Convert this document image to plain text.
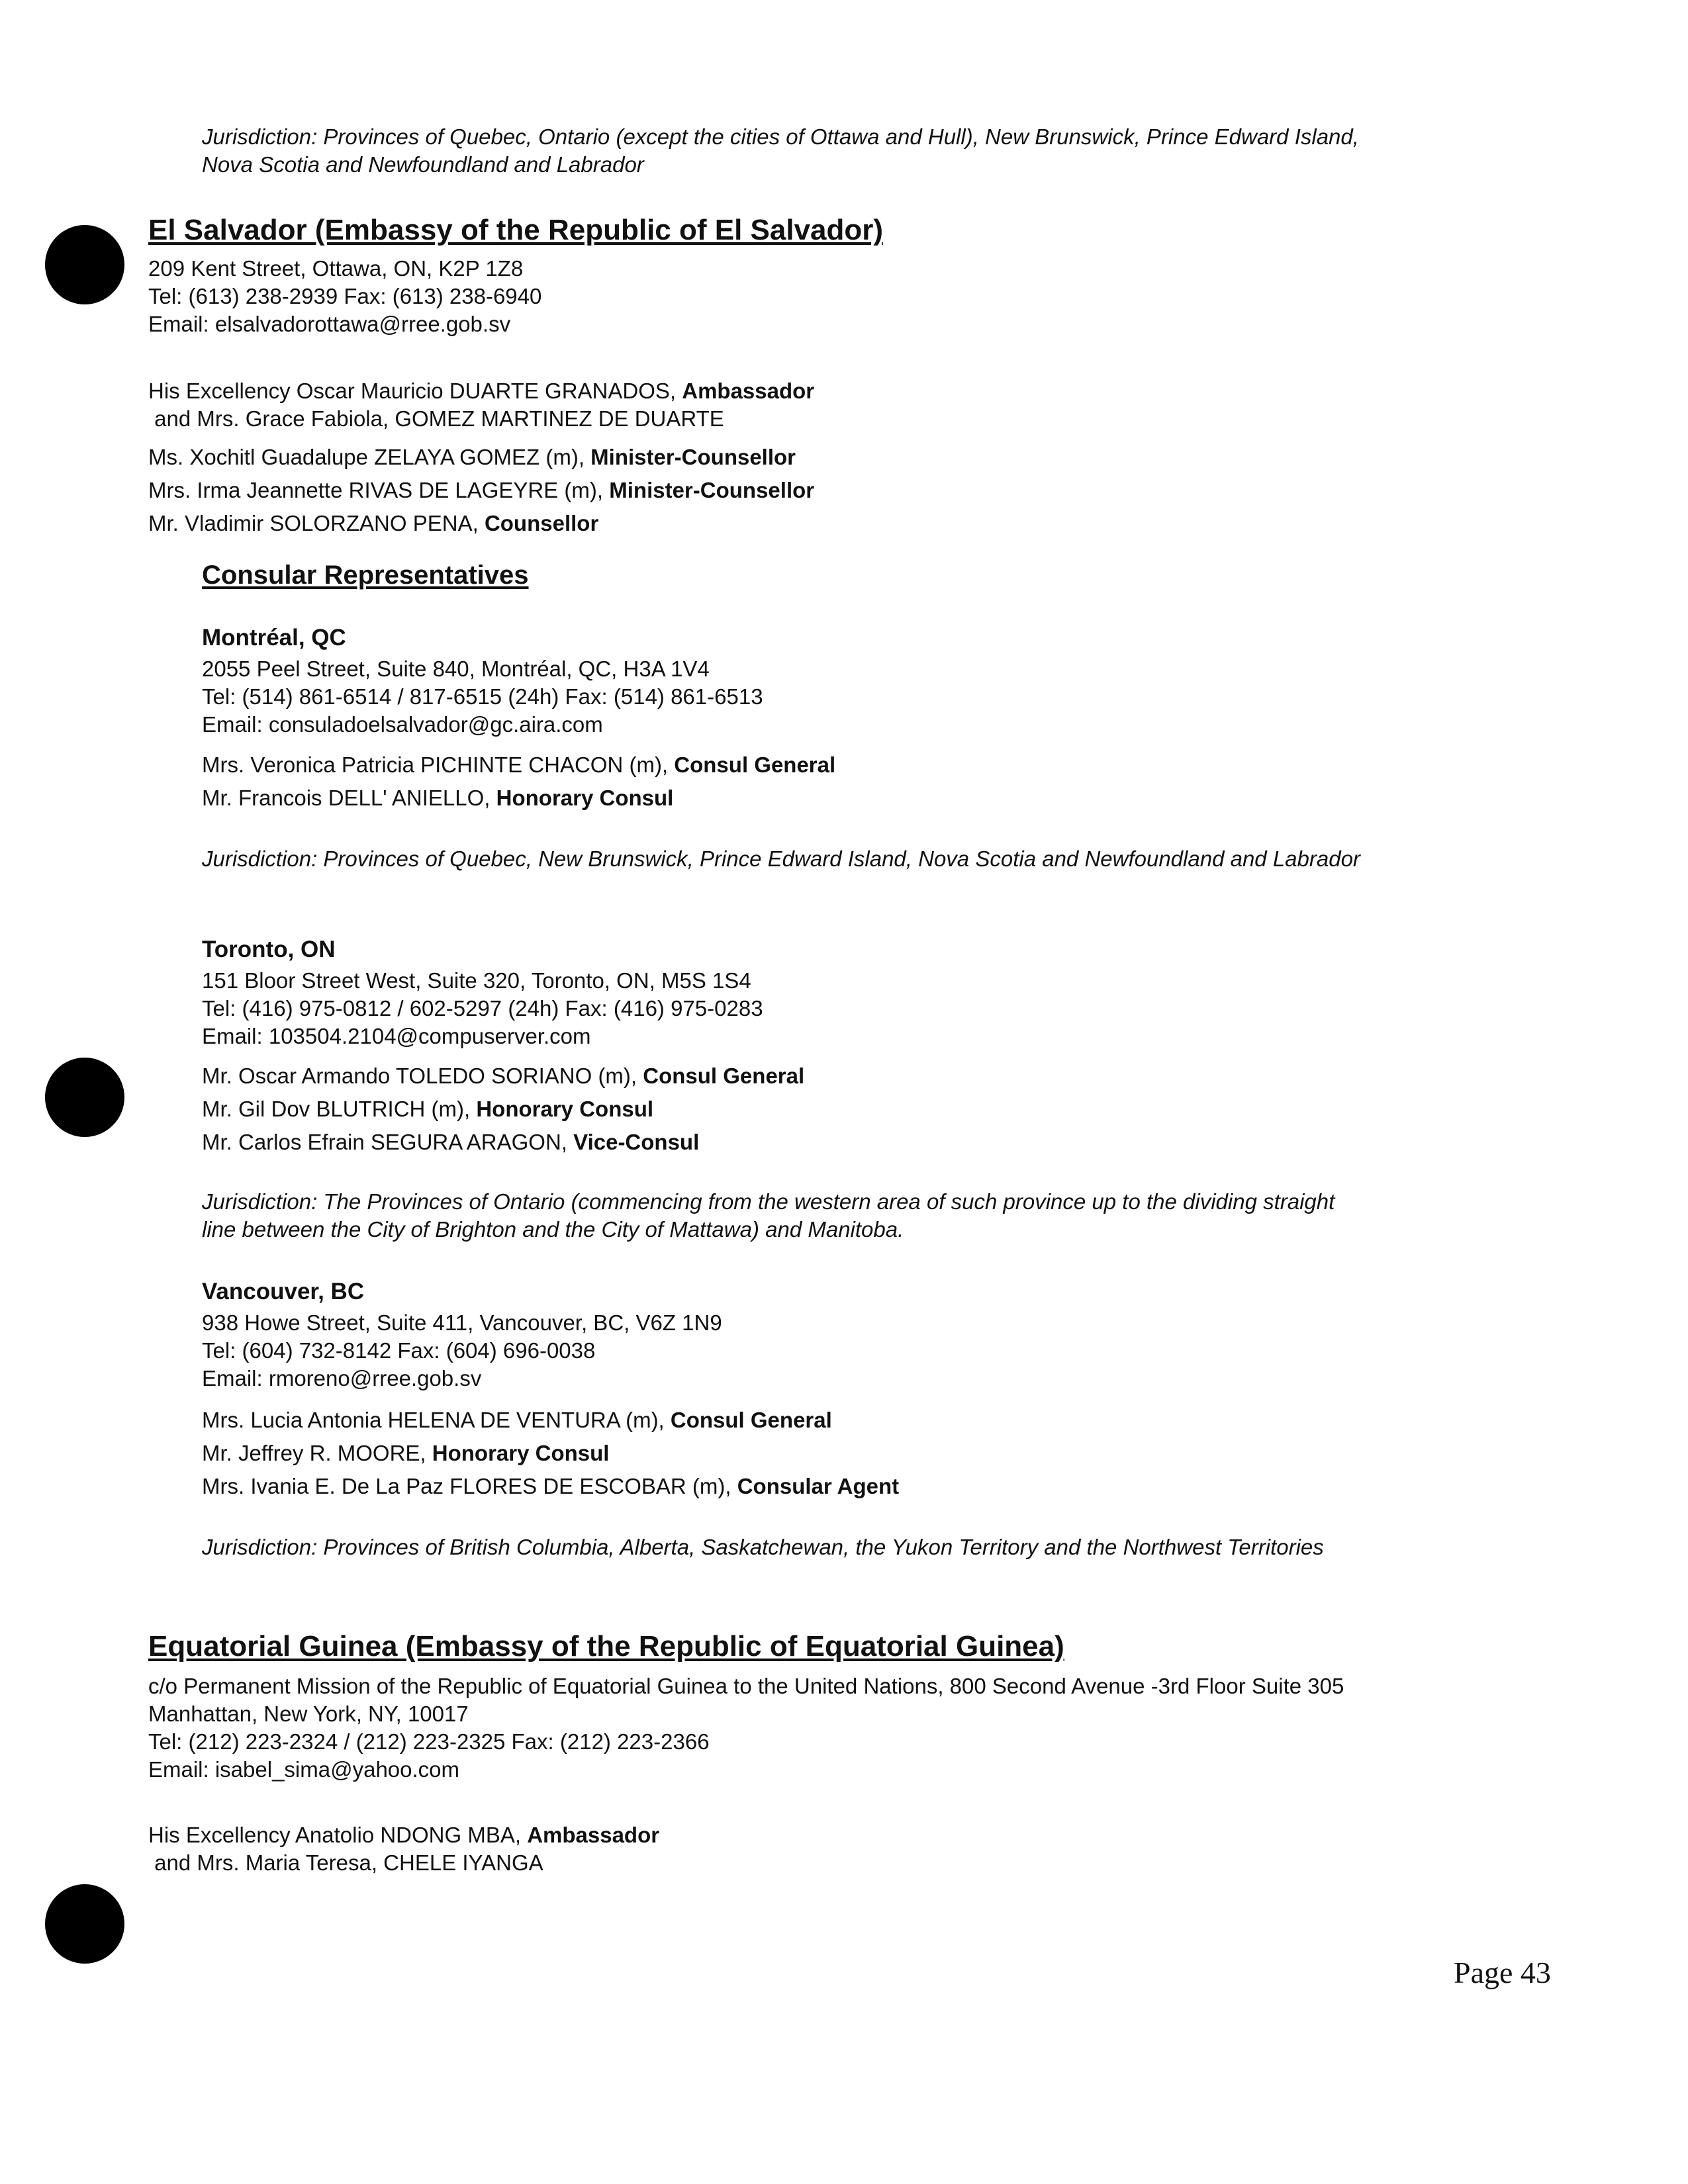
Jurisdiction: Provinces of Quebec, Ontario (except the cities of Ottawa and Hull), New Brunswick, Prince Edward Island,
Nova Scotia and Newfoundland and Labrador
El Salvador (Embassy of the Republic of El Salvador)
209 Kent Street, Ottawa, ON, K2P 1Z8
Tel: (613) 238-2939 Fax: (613) 238-6940
Email: elsalvadorottawa@rree.gob.sv
His Excellency Oscar Mauricio DUARTE GRANADOS, Ambassador
and Mrs. Grace Fabiola, GOMEZ MARTINEZ DE DUARTE
Ms. Xochitl Guadalupe ZELAYA GOMEZ (m), Minister-Counsellor
Mrs. Irma Jeannette RIVAS DE LAGEYRE (m), Minister-Counsellor
Mr. Vladimir SOLORZANO PENA, Counsellor
Consular Representatives
Montréal, QC
2055 Peel Street, Suite 840, Montréal, QC, H3A 1V4
Tel: (514) 861-6514 / 817-6515 (24h) Fax: (514) 861-6513
Email: consuladoelsalvador@gc.aira.com
Mrs. Veronica Patricia PICHINTE CHACON (m), Consul General
Mr. Francois DELL' ANIELLO, Honorary Consul
Jurisdiction: Provinces of Quebec, New Brunswick, Prince Edward Island, Nova Scotia and Newfoundland and Labrador
Toronto, ON
151 Bloor Street West, Suite 320, Toronto, ON, M5S 1S4
Tel: (416) 975-0812 / 602-5297 (24h) Fax: (416) 975-0283
Email: 103504.2104@compuserver.com
Mr. Oscar Armando TOLEDO SORIANO (m), Consul General
Mr. Gil Dov BLUTRICH (m), Honorary Consul
Mr. Carlos Efrain SEGURA ARAGON, Vice-Consul
Jurisdiction: The Provinces of Ontario (commencing from the western area of such province up to the dividing straight
line between the City of Brighton and the City of Mattawa) and Manitoba.
Vancouver, BC
938 Howe Street, Suite 411, Vancouver, BC, V6Z 1N9
Tel: (604) 732-8142 Fax: (604) 696-0038
Email: rmoreno@rree.gob.sv
Mrs. Lucia Antonia HELENA DE VENTURA (m), Consul General
Mr. Jeffrey R. MOORE, Honorary Consul
Mrs. Ivania E. De La Paz FLORES DE ESCOBAR (m), Consular Agent
Jurisdiction: Provinces of British Columbia, Alberta, Saskatchewan, the Yukon Territory and the Northwest Territories
Equatorial Guinea (Embassy of the Republic of Equatorial Guinea)
c/o Permanent Mission of the Republic of Equatorial Guinea to the United Nations, 800 Second Avenue -3rd Floor Suite 305
Manhattan, New York, NY, 10017
Tel: (212) 223-2324 / (212) 223-2325 Fax: (212) 223-2366
Email: isabel_sima@yahoo.com
His Excellency Anatolio NDONG MBA, Ambassador
and Mrs. Maria Teresa, CHELE IYANGA
Page 43
